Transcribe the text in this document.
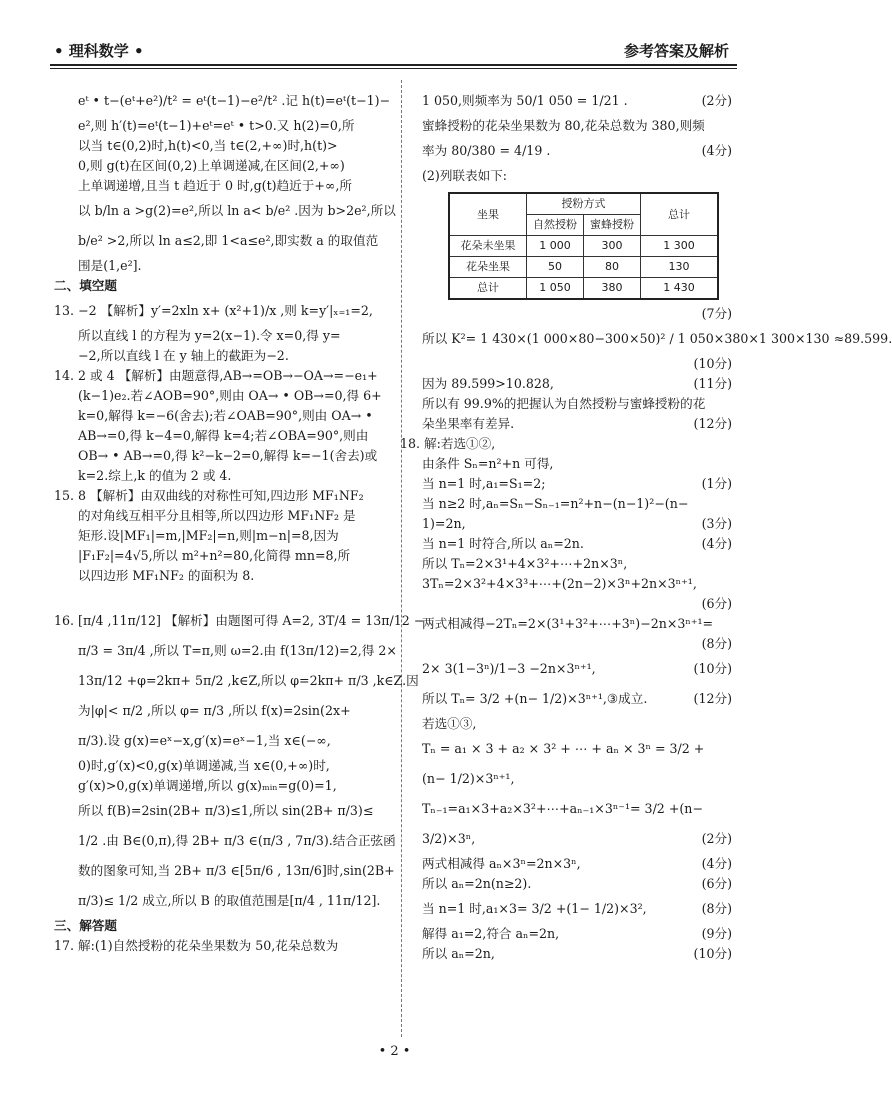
• 理科数学 •	参考答案及解析
eᵗ • t−(eᵗ+e²)/t² = eᵗ(t−1)−e²/t² .记 h(t)=eᵗ(t−1)−
e²,则 h′(t)=eᵗ(t−1)+eᵗ=eᵗ • t>0.又 h(2)=0,所
以当 t∈(0,2)时,h(t)<0,当 t∈(2,+∞)时,h(t)>
0,则 g(t)在区间(0,2)上单调递减,在区间(2,+∞)
上单调递增,且当 t 趋近于 0 时,g(t)趋近于+∞,所
以 b/ln a >g(2)=e²,所以 ln a< b/e² .因为 b>2e²,所以
b/e² >2,所以 ln a≤2,即 1<a≤e²,即实数 a 的取值范
围是(1,e²].
二、填空题
13. −2 【解析】y′=2xln x+ (x²+1)/x ,则 k=y′|ₓ₌₁=2,
所以直线 l 的方程为 y=2(x−1).令 x=0,得 y=
−2,所以直线 l 在 y 轴上的截距为−2.
14. 2 或 4 【解析】由题意得,AB→=OB→−OA→=−e₁+
(k−1)e₂.若∠AOB=90°,则由 OA→ • OB→=0,得 6+
k=0,解得 k=−6(舍去);若∠OAB=90°,则由 OA→ •
AB→=0,得 k−4=0,解得 k=4;若∠OBA=90°,则由
OB→ • AB→=0,得 k²−k−2=0,解得 k=−1(舍去)或
k=2.综上,k 的值为 2 或 4.
15. 8 【解析】由双曲线的对称性可知,四边形 MF₁NF₂
的对角线互相平分且相等,所以四边形 MF₁NF₂ 是
矩形.设|MF₁|=m,|MF₂|=n,则|m−n|=8,因为
|F₁F₂|=4√5,所以 m²+n²=80,化简得 mn=8,所
以四边形 MF₁NF₂ 的面积为 8.
16. [π/4 ,11π/12] 【解析】由题图可得 A=2, 3T/4 = 13π/12 −
π/3 = 3π/4 ,所以 T=π,则 ω=2.由 f(13π/12)=2,得 2×
13π/12 +φ=2kπ+ 5π/2 ,k∈Z,所以 φ=2kπ+ π/3 ,k∈Z.因
为|φ|< π/2 ,所以 φ= π/3 ,所以 f(x)=2sin(2x+
π/3).设 g(x)=eˣ−x,g′(x)=eˣ−1,当 x∈(−∞,
0)时,g′(x)<0,g(x)单调递减,当 x∈(0,+∞)时,
g′(x)>0,g(x)单调递增,所以 g(x)ₘᵢₙ=g(0)=1,
所以 f(B)=2sin(2B+ π/3)≤1,所以 sin(2B+ π/3)≤
1/2 .由 B∈(0,π),得 2B+ π/3 ∈(π/3 , 7π/3).结合正弦函
数的图象可知,当 2B+ π/3 ∈[5π/6 , 13π/6]时,sin(2B+
π/3)≤ 1/2 成立,所以 B 的取值范围是[π/4 , 11π/12].
三、解答题
17. 解:(1)自然授粉的花朵坐果数为 50,花朵总数为
1 050,则频率为 50/1 050 = 1/21 .	(2分)
蜜蜂授粉的花朵坐果数为 80,花朵总数为 380,则频
率为 80/380 = 4/19 .	(4分)
(2)列联表如下:
坐果	授粉方式		总计
	自然授粉	蜜蜂授粉	
花朵未坐果	1 000	300	1 300
花朵坐果	50	80	130
总计	1 050	380	1 430
(7分)
所以 K²= 1 430×(1 000×80−300×50)² / 1 050×380×1 300×130 ≈89.599.
(10分)
因为 89.599>10.828,	(11分)
所以有 99.9%的把握认为自然授粉与蜜蜂授粉的花
朵坐果率有差异.	(12分)
18. 解:若选①②,
由条件 Sₙ=n²+n 可得,
当 n=1 时,a₁=S₁=2;	(1分)
当 n≥2 时,aₙ=Sₙ−Sₙ₋₁=n²+n−(n−1)²−(n−
1)=2n,	(3分)
当 n=1 时符合,所以 aₙ=2n.	(4分)
所以 Tₙ=2×3¹+4×3²+⋯+2n×3ⁿ,
3Tₙ=2×3²+4×3³+⋯+(2n−2)×3ⁿ+2n×3ⁿ⁺¹,
(6分)
两式相减得−2Tₙ=2×(3¹+3²+⋯+3ⁿ)−2n×3ⁿ⁺¹=
(8分)
2× 3(1−3ⁿ)/1−3 −2n×3ⁿ⁺¹,	(10分)
所以 Tₙ= 3/2 +(n− 1/2)×3ⁿ⁺¹,③成立.	(12分)
若选①③,
Tₙ = a₁ × 3 + a₂ × 3² + ⋯ + aₙ × 3ⁿ = 3/2 +
(n− 1/2)×3ⁿ⁺¹,
Tₙ₋₁=a₁×3+a₂×3²+⋯+aₙ₋₁×3ⁿ⁻¹= 3/2 +(n−
3/2)×3ⁿ,	(2分)
两式相减得 aₙ×3ⁿ=2n×3ⁿ,	(4分)
所以 aₙ=2n(n≥2).	(6分)
当 n=1 时,a₁×3= 3/2 +(1− 1/2)×3²,	(8分)
解得 a₁=2,符合 aₙ=2n,	(9分)
所以 aₙ=2n,	(10分)
• 2 •
